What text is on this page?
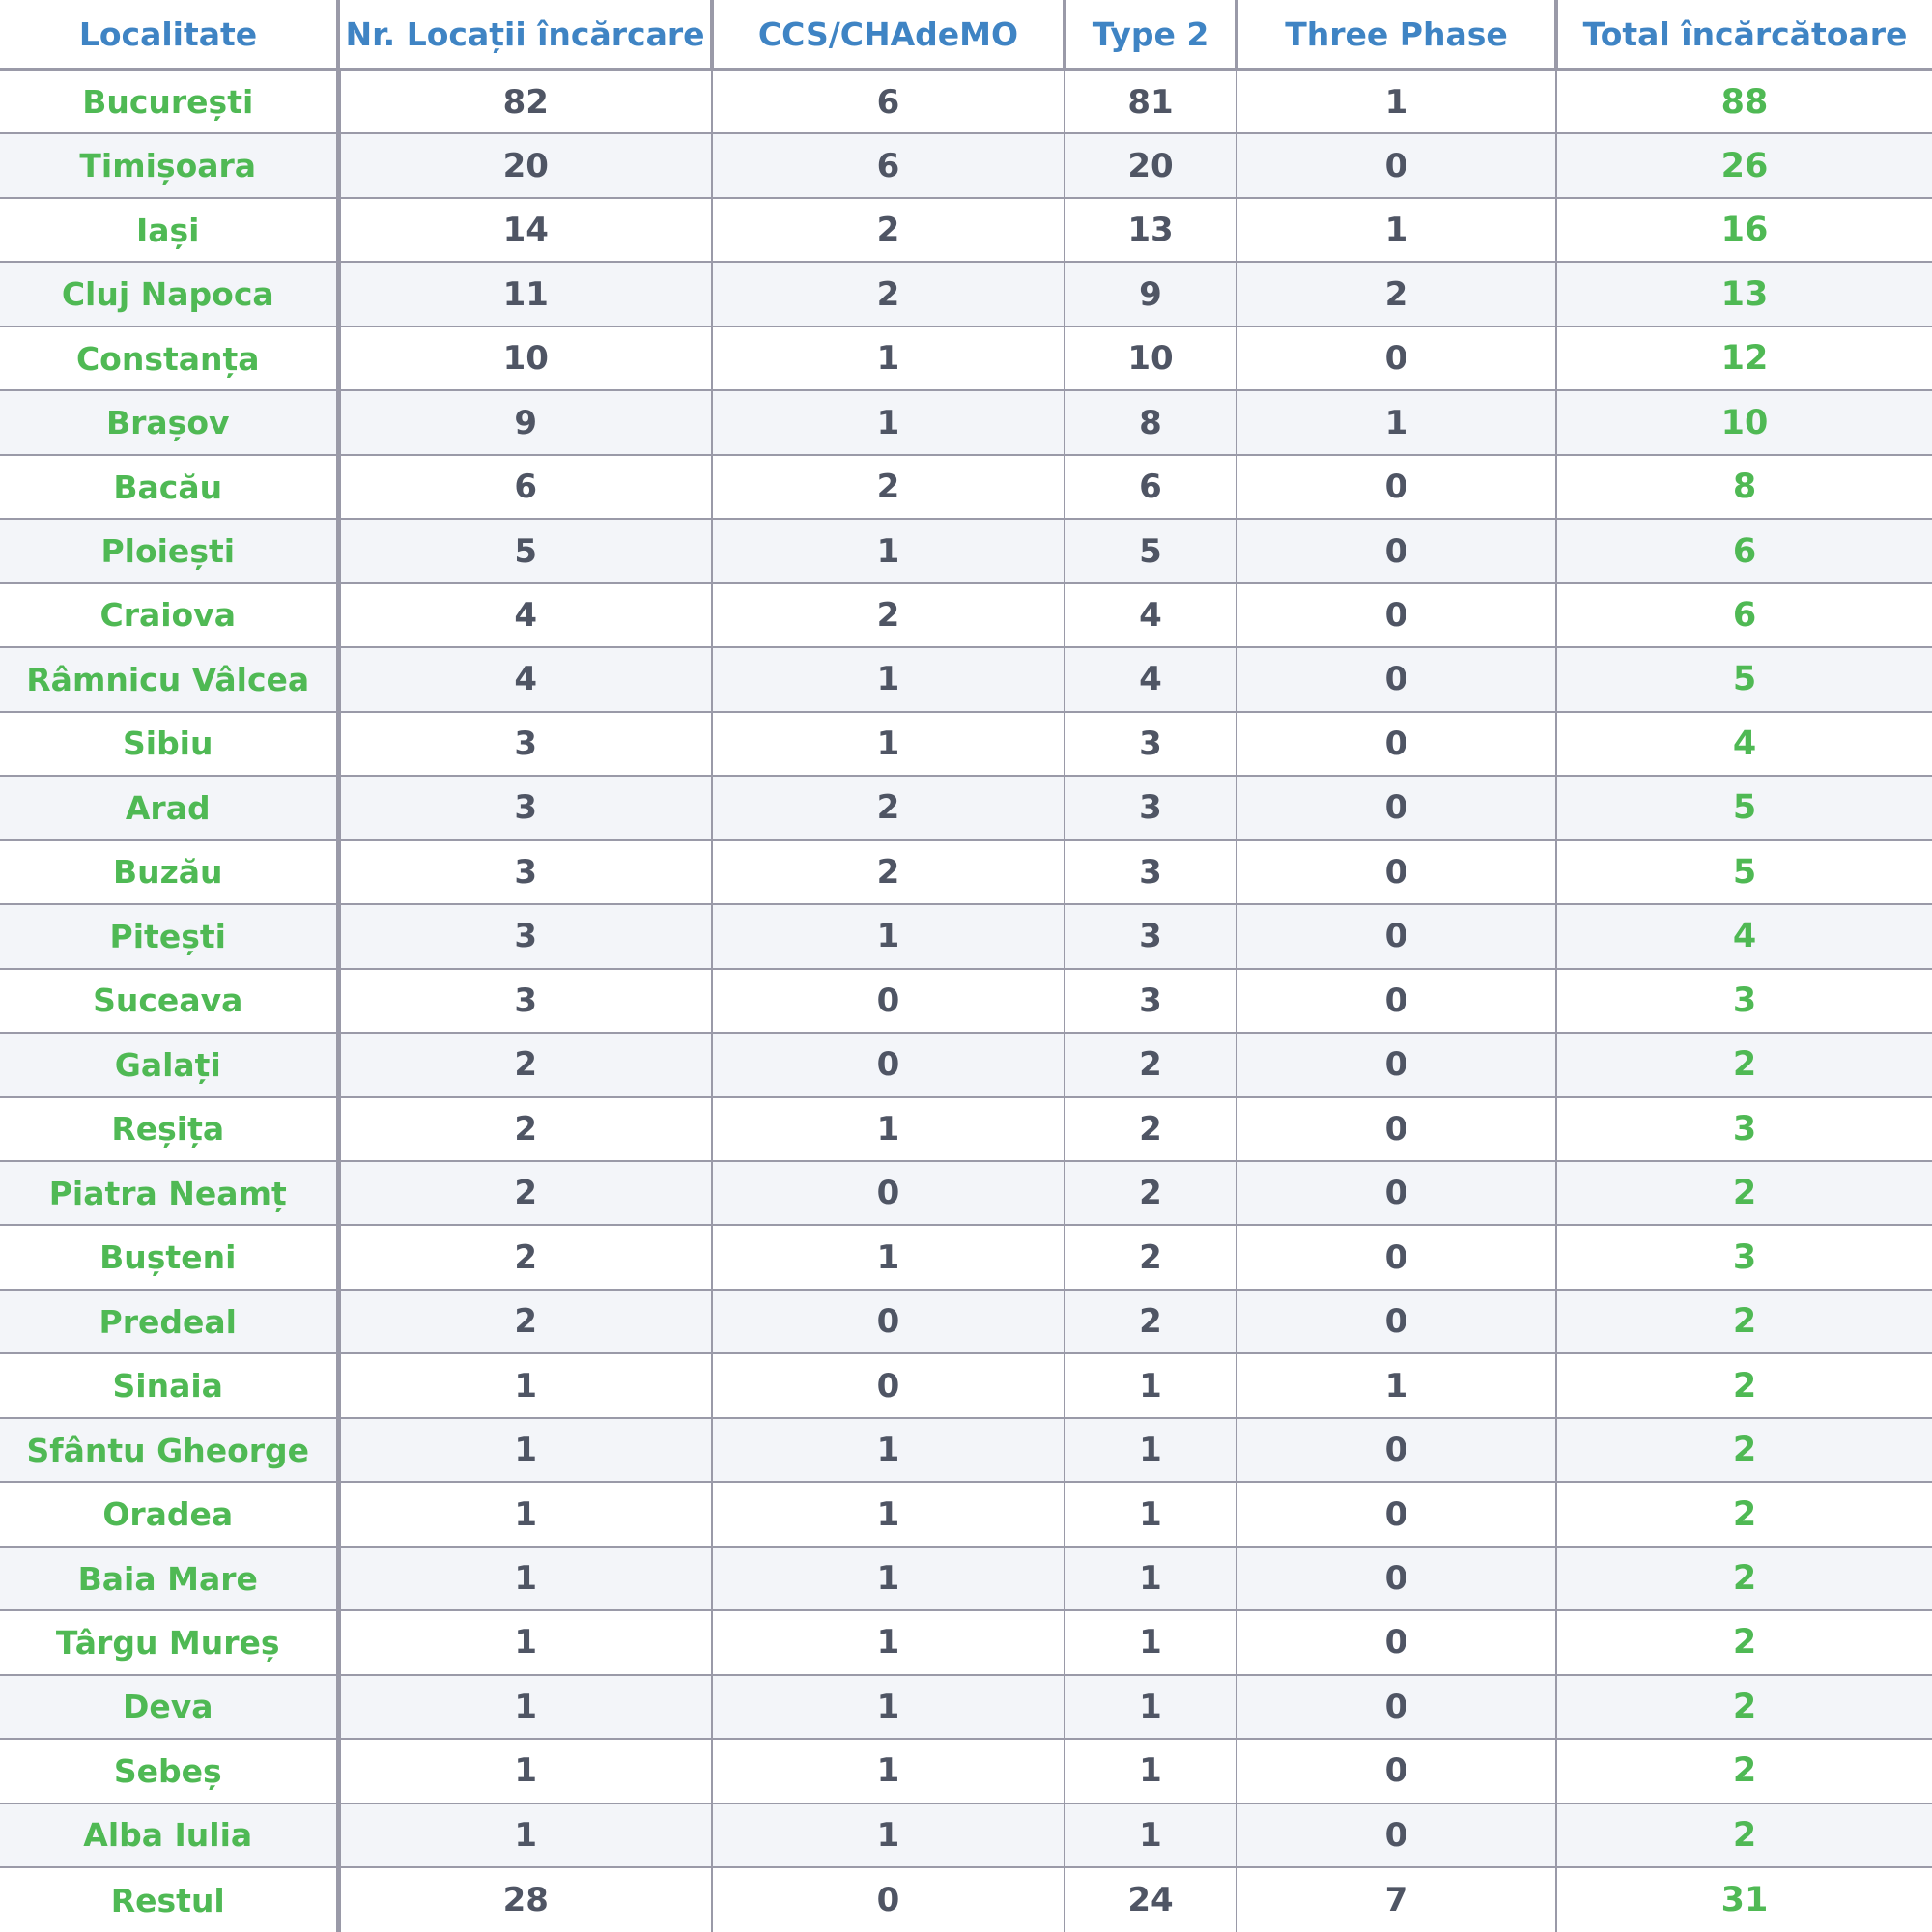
Localitate	Nr. Locații încărcare	CCS/CHAdeMO	Type 2	Three Phase	Total încărcătoare
București	82	6	81	1	88
Timișoara	20	6	20	0	26
Iași	14	2	13	1	16
Cluj Napoca	11	2	9	2	13
Constanța	10	1	10	0	12
Brașov	9	1	8	1	10
Bacău	6	2	6	0	8
Ploiești	5	1	5	0	6
Craiova	4	2	4	0	6
Râmnicu Vâlcea	4	1	4	0	5
Sibiu	3	1	3	0	4
Arad	3	2	3	0	5
Buzău	3	2	3	0	5
Pitești	3	1	3	0	4
Suceava	3	0	3	0	3
Galați	2	0	2	0	2
Reșița	2	1	2	0	3
Piatra Neamț	2	0	2	0	2
Bușteni	2	1	2	0	3
Predeal	2	0	2	0	2
Sinaia	1	0	1	1	2
Sfântu Gheorge	1	1	1	0	2
Oradea	1	1	1	0	2
Baia Mare	1	1	1	0	2
Târgu Mureș	1	1	1	0	2
Deva	1	1	1	0	2
Sebeș	1	1	1	0	2
Alba Iulia	1	1	1	0	2
Restul	28	0	24	7	31
